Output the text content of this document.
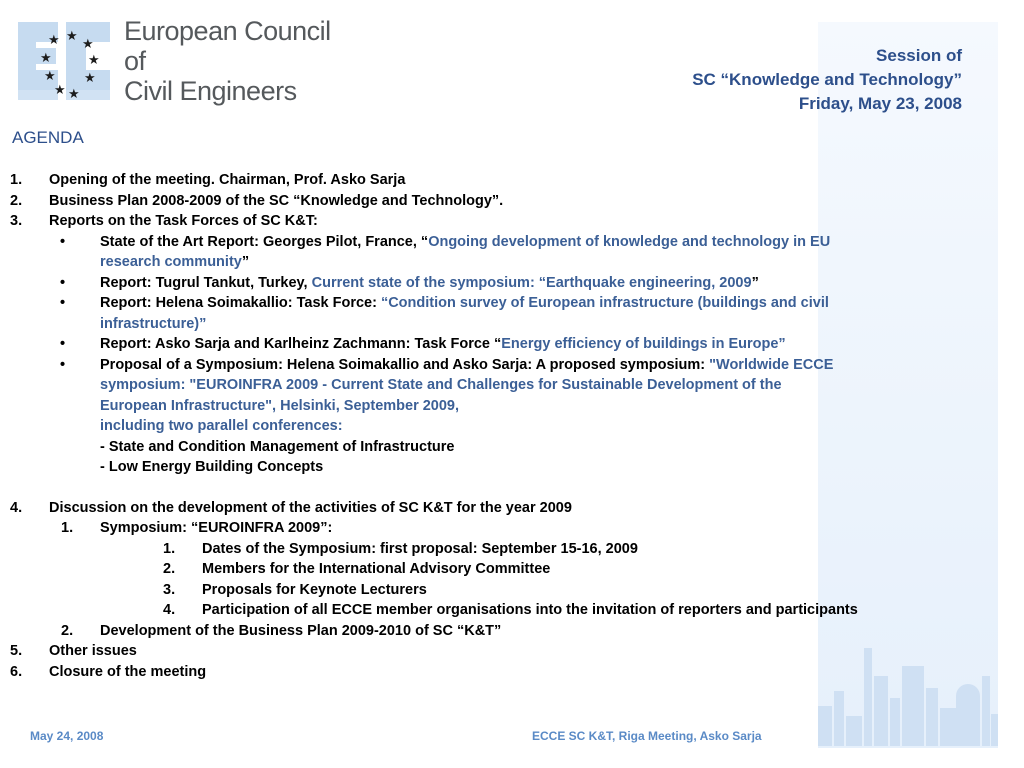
★ ★
★
★	★
★ ★
★ ★
European Council
of
Civil Engineers
Session of
SC “Knowledge and Technology”
Friday, May 23, 2008
AGENDA
1. Opening of the meeting. Chairman, Prof. Asko Sarja
2. Business Plan 2008-2009 of the SC “Knowledge and Technology”.
3. Reports on the Task Forces of SC K&T:
• State of the Art Report: Georges Pilot, France, “Ongoing development of knowledge and technology in EU
research community”
• Report: Tugrul Tankut, Turkey, Current state of the symposium: “Earthquake engineering, 2009”
• Report: Helena Soimakallio: Task Force: “Condition survey of European infrastructure (buildings and civil
infrastructure)”
• Report: Asko Sarja and Karlheinz Zachmann: Task Force “Energy efficiency of buildings in Europe”
• Proposal of a Symposium: Helena Soimakallio and Asko Sarja: A proposed symposium: "Worldwide ECCE
symposium: "EUROINFRA 2009 - Current State and Challenges for Sustainable Development of the
European Infrastructure", Helsinki, September 2009,
including two parallel conferences:
- State and Condition Management of Infrastructure
- Low Energy Building Concepts
4. Discussion on the development of the activities of SC K&T for the year 2009
1. Symposium: “EUROINFRA 2009”:
1. Dates of the Symposium: first proposal: September 15-16, 2009
2. Members for the International Advisory Committee
3. Proposals for Keynote Lecturers
4. Participation of all ECCE member organisations into the invitation of reporters and participants
2. Development of the Business Plan 2009-2010 of SC “K&T”
5. Other issues
6. Closure of the meeting
May 24, 2008	ECCE SC K&T, Riga Meeting, Asko Sarja
